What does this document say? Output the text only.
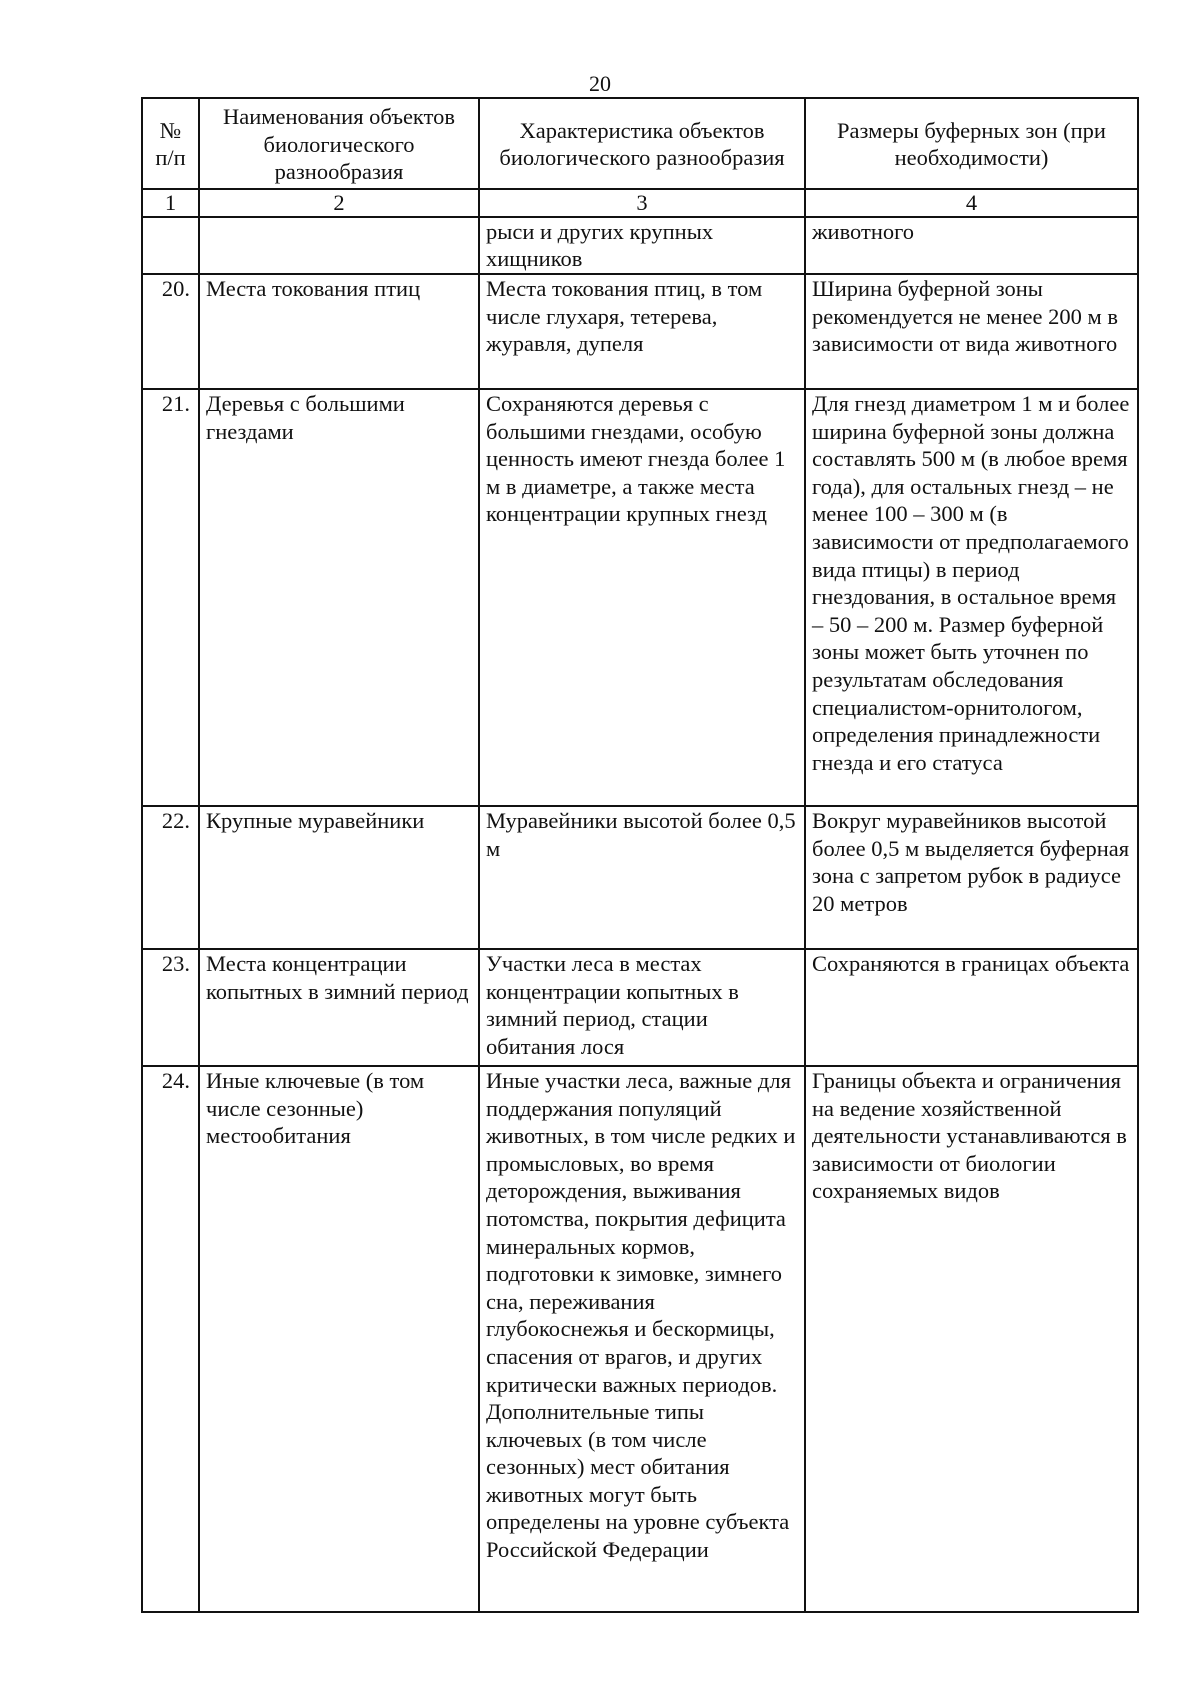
20
№ п/п	Наименования объектов биологического разнообразия	Характеристика объектов биологического разнообразия	Размеры буферных зон (при необходимости)
1	2	3	4
		рыси и других крупных хищников	животного
20.	Места токования птиц	Места токования птиц, в том числе глухаря, тетерева, журавля, дупеля	Ширина буферной зоны рекомендуется не менее 200 м в зависимости от вида животного
21.	Деревья с большими гнездами	Сохраняются деревья с большими гнездами, особую ценность имеют гнезда более 1 м в диаметре, а также места концентрации крупных гнезд	Для гнезд диаметром 1 м и более ширина буферной зоны должна составлять 500 м (в любое время года), для остальных гнезд – не менее 100 – 300 м (в зависимости от предполагаемого вида птицы) в период гнездования, в остальное время – 50 – 200 м. Размер буферной зоны может быть уточнен по результатам обследования специалистом-орнитологом, определения принадлежности гнезда и его статуса
22.	Крупные муравейники	Муравейники высотой более 0,5 м	Вокруг муравейников высотой более 0,5 м выделяется буферная зона с запретом рубок в радиусе 20 метров
23.	Места концентрации копытных в зимний период	Участки леса в местах концентрации копытных в зимний период, стации обитания лося	Сохраняются в границах объекта
24.	Иные ключевые (в том числе сезонные) местообитания	Иные участки леса, важные для поддержания популяций животных, в том числе редких и промысловых, во время деторождения, выживания потомства, покрытия дефицита минеральных кормов, подготовки к зимовке, зимнего сна, переживания глубокоснежья и бескормицы, спасения от врагов, и других критически важных периодов. Дополнительные типы ключевых (в том числе сезонных) мест обитания животных могут быть определены на уровне субъекта Российской Федерации	Границы объекта и ограничения на ведение хозяйственной деятельности устанавливаются в зависимости от биологии сохраняемых видов
